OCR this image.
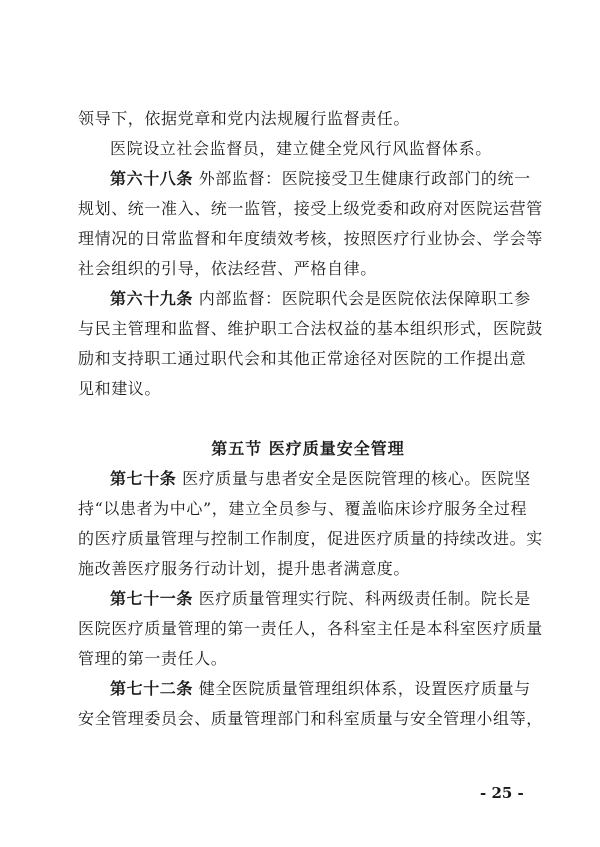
领导下，依据党章和党内法规履行监督责任。
医院设立社会监督员，建立健全党风行风监督体系。
第六十八条 外部监督：医院接受卫生健康行政部门的统一
规划、统一准入、统一监管，接受上级党委和政府对医院运营管
理情况的日常监督和年度绩效考核，按照医疗行业协会、学会等
社会组织的引导，依法经营、严格自律。
第六十九条 内部监督：医院职代会是医院依法保障职工参
与民主管理和监督、维护职工合法权益的基本组织形式，医院鼓
励和支持职工通过职代会和其他正常途径对医院的工作提出意
见和建议。
第五节 医疗质量安全管理
第七十条 医疗质量与患者安全是医院管理的核心。医院坚
持“以患者为中心”，建立全员参与、覆盖临床诊疗服务全过程
的医疗质量管理与控制工作制度，促进医疗质量的持续改进。实
施改善医疗服务行动计划，提升患者满意度。
第七十一条 医疗质量管理实行院、科两级责任制。院长是
医院医疗质量管理的第一责任人，各科室主任是本科室医疗质量
管理的第一责任人。
第七十二条 健全医院质量管理组织体系，设置医疗质量与
安全管理委员会、质量管理部门和科室质量与安全管理小组等，
- 25 -
